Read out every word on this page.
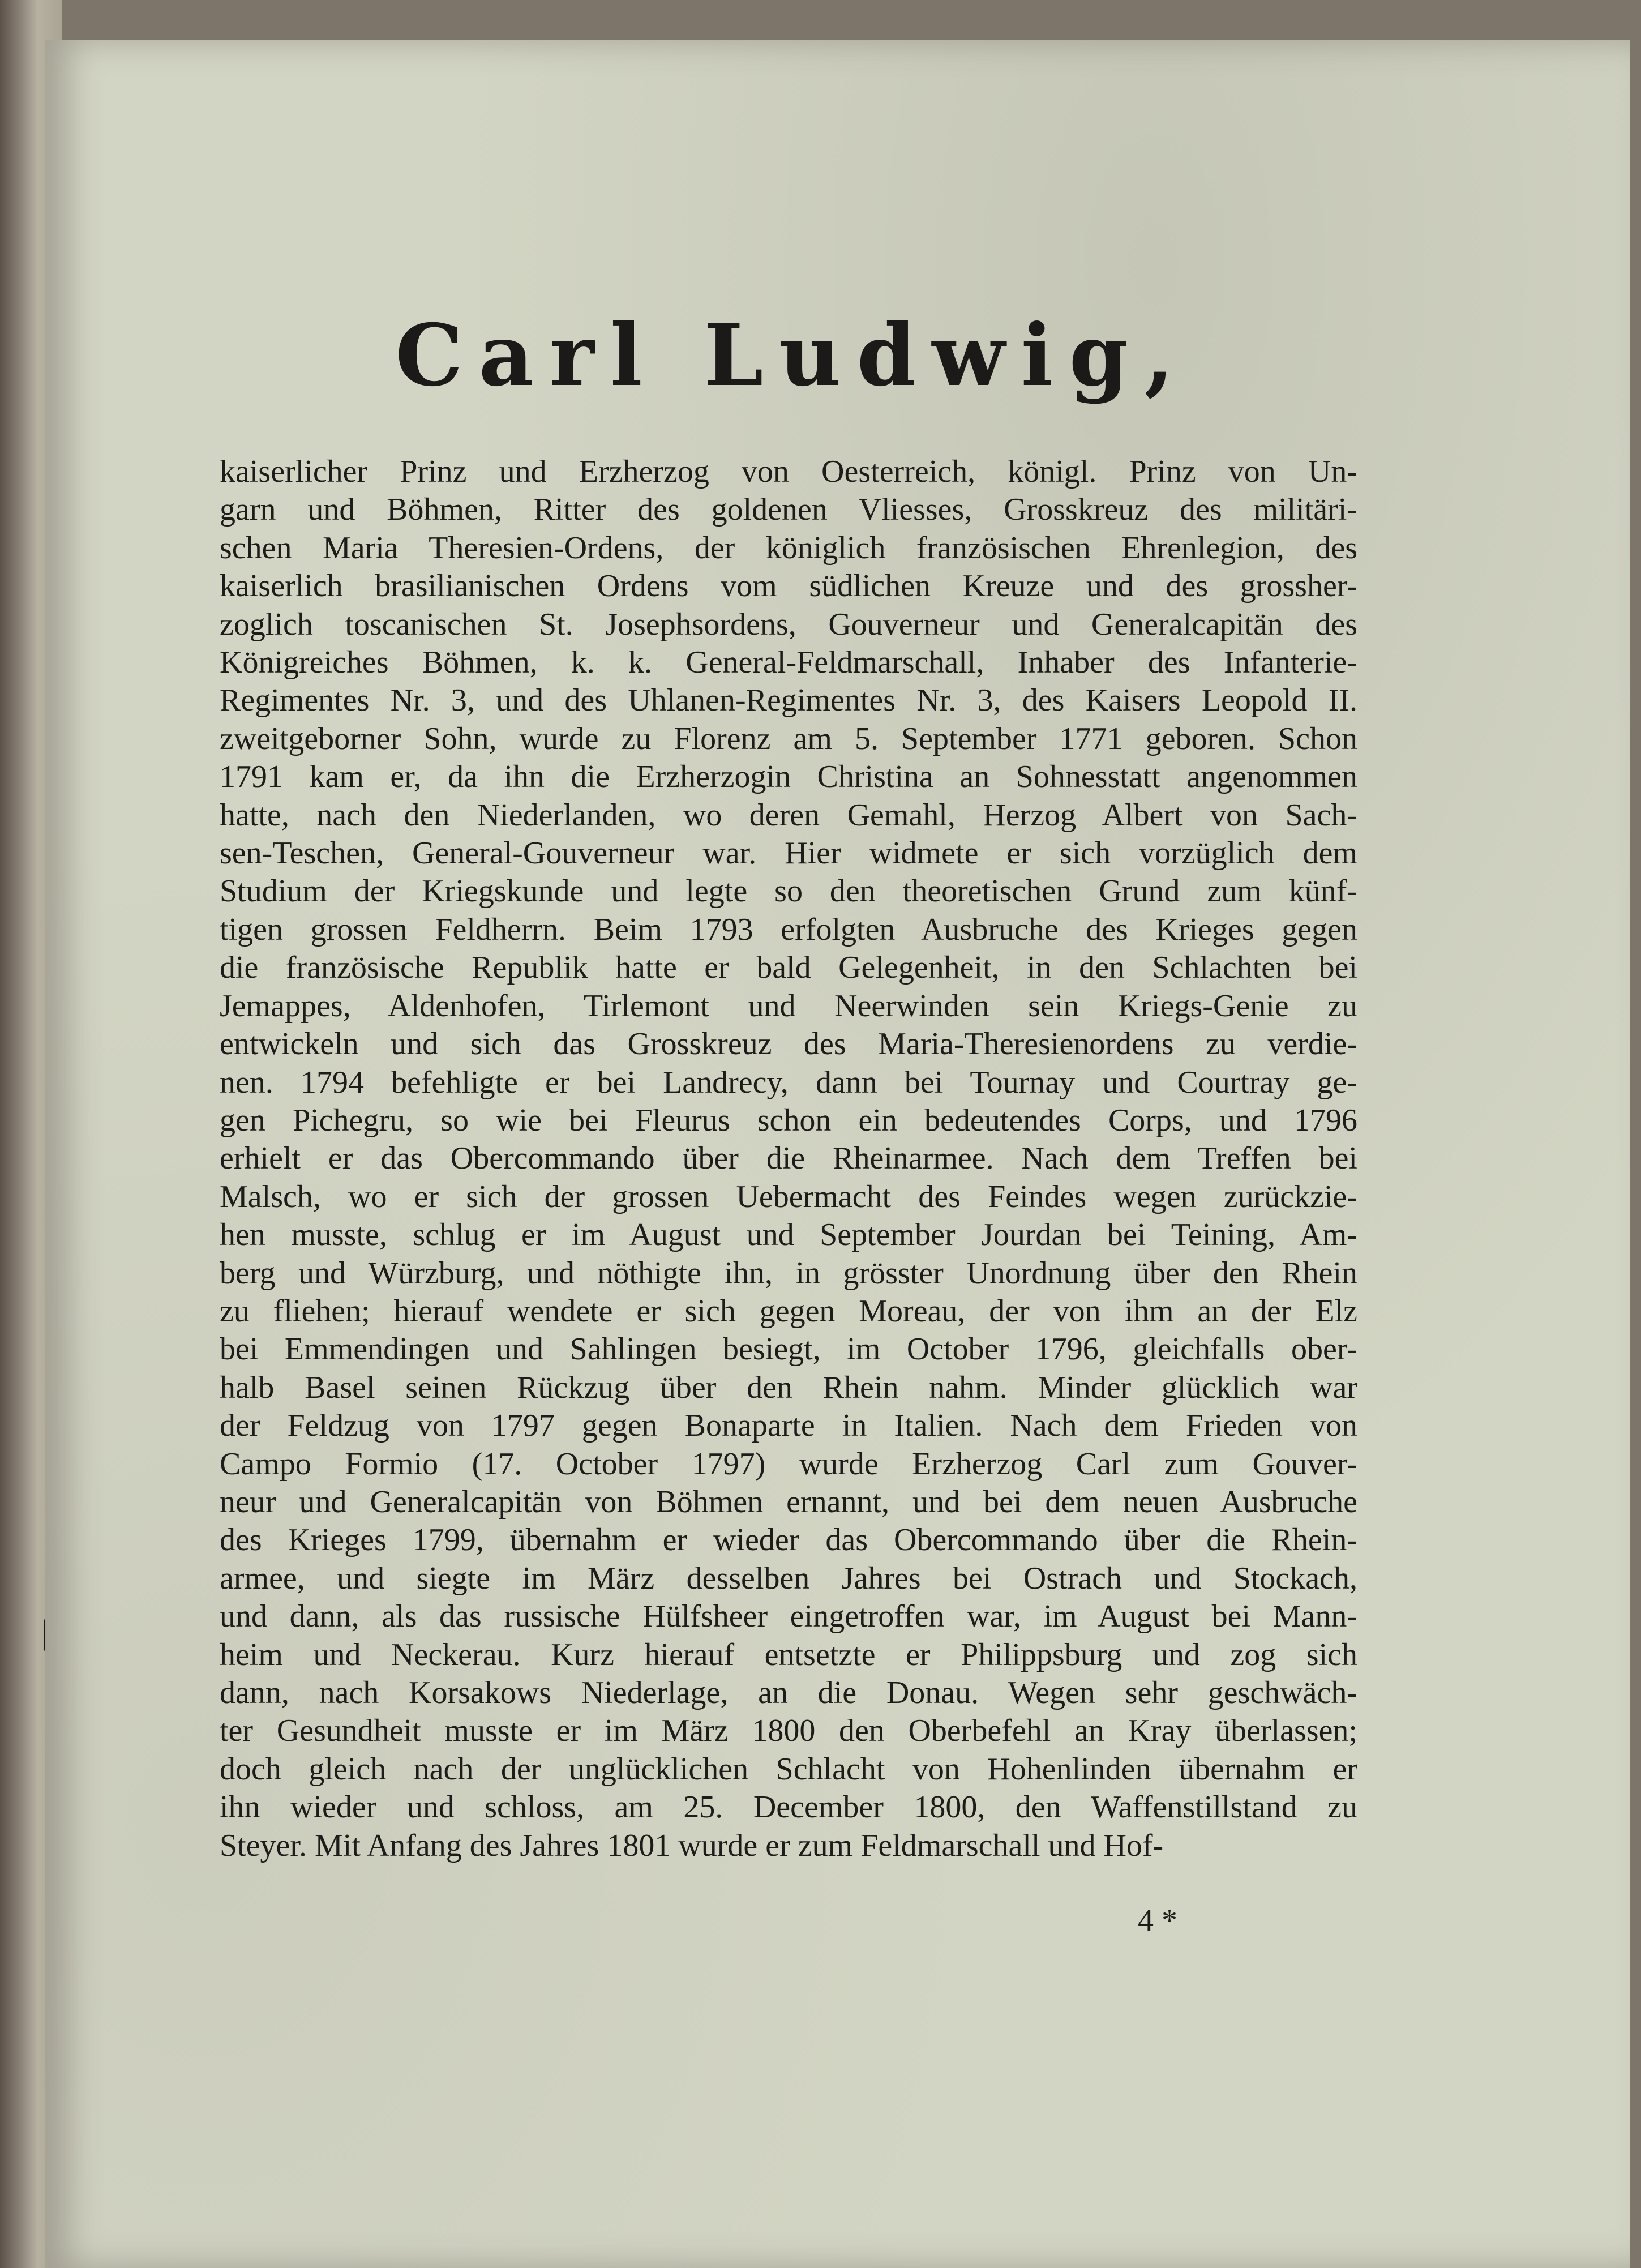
Carl Ludwig,
kaiserlicher Prinz und Erzherzog von Oesterreich, königl. Prinz von Un-
garn und Böhmen, Ritter des goldenen Vliesses, Grosskreuz des militäri-
schen Maria Theresien-Ordens, der königlich französischen Ehrenlegion, des
kaiserlich brasilianischen Ordens vom südlichen Kreuze und des grossher-
zoglich toscanischen St. Josephsordens, Gouverneur und Generalcapitän des
Königreiches Böhmen, k. k. General-Feldmarschall, Inhaber des Infanterie-
Regimentes Nr. 3, und des Uhlanen-Regimentes Nr. 3, des Kaisers Leopold II.
zweitgeborner Sohn, wurde zu Florenz am 5. September 1771 geboren. Schon
1791 kam er, da ihn die Erzherzogin Christina an Sohnesstatt angenommen
hatte, nach den Niederlanden, wo deren Gemahl, Herzog Albert von Sach-
sen-Teschen, General-Gouverneur war. Hier widmete er sich vorzüglich dem
Studium der Kriegskunde und legte so den theoretischen Grund zum künf-
tigen grossen Feldherrn. Beim 1793 erfolgten Ausbruche des Krieges gegen
die französische Republik hatte er bald Gelegenheit, in den Schlachten bei
Jemappes, Aldenhofen, Tirlemont und Neerwinden sein Kriegs-Genie zu
entwickeln und sich das Grosskreuz des Maria-Theresienordens zu verdie-
nen. 1794 befehligte er bei Landrecy, dann bei Tournay und Courtray ge-
gen Pichegru, so wie bei Fleurus schon ein bedeutendes Corps, und 1796
erhielt er das Obercommando über die Rheinarmee. Nach dem Treffen bei
Malsch, wo er sich der grossen Uebermacht des Feindes wegen zurückzie-
hen musste, schlug er im August und September Jourdan bei Teining, Am-
berg und Würzburg, und nöthigte ihn, in grösster Unordnung über den Rhein
zu fliehen; hierauf wendete er sich gegen Moreau, der von ihm an der Elz
bei Emmendingen und Sahlingen besiegt, im October 1796, gleichfalls ober-
halb Basel seinen Rückzug über den Rhein nahm. Minder glücklich war
der Feldzug von 1797 gegen Bonaparte in Italien. Nach dem Frieden von
Campo Formio (17. October 1797) wurde Erzherzog Carl zum Gouver-
neur und Generalcapitän von Böhmen ernannt, und bei dem neuen Ausbruche
des Krieges 1799, übernahm er wieder das Obercommando über die Rhein-
armee, und siegte im März desselben Jahres bei Ostrach und Stockach,
und dann, als das russische Hülfsheer eingetroffen war, im August bei Mann-
heim und Neckerau. Kurz hierauf entsetzte er Philippsburg und zog sich
dann, nach Korsakows Niederlage, an die Donau. Wegen sehr geschwäch-
ter Gesundheit musste er im März 1800 den Oberbefehl an Kray überlassen;
doch gleich nach der unglücklichen Schlacht von Hohenlinden übernahm er
ihn wieder und schloss, am 25. December 1800, den Waffenstillstand zu
Steyer. Mit Anfang des Jahres 1801 wurde er zum Feldmarschall und Hof-
4 *
